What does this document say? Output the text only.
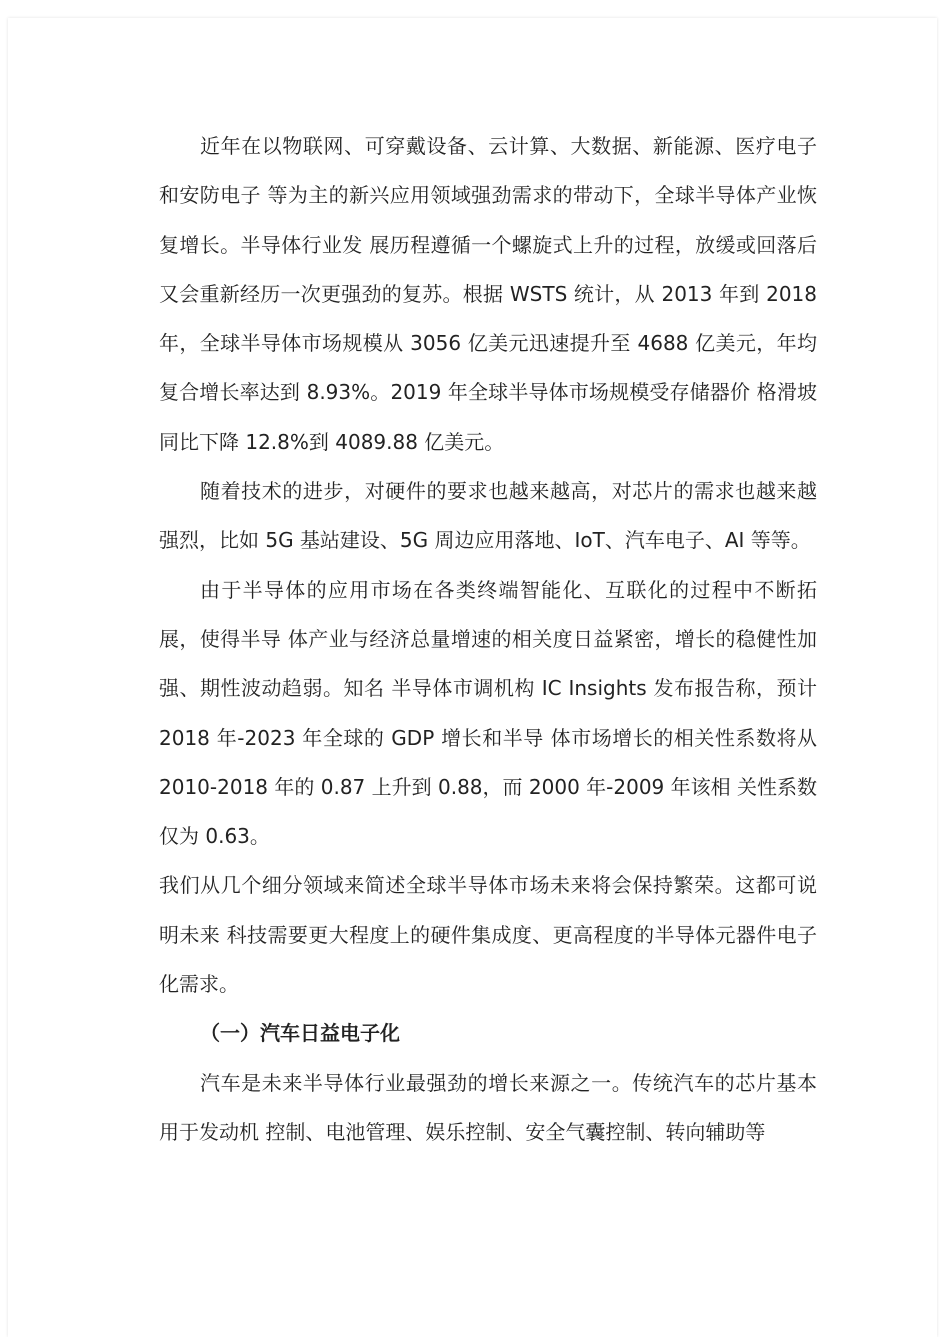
近年在以物联网、可穿戴设备、云计算、大数据、新能源、医疗电子和安防电子 等为主的新兴应用领域强劲需求的带动下，全球半导体产业恢复增长。半导体行业发 展历程遵循一个螺旋式上升的过程，放缓或回落后又会重新经历一次更强劲的复苏。根据 WSTS 统计，从 2013 年到 2018 年，全球半导体市场规模从 3056 亿美元迅速提升至 4688 亿美元，年均复合增长率达到 8.93%。2019 年全球半导体市场规模受存储器价 格滑坡同比下降 12.8%到 4089.88 亿美元。

随着技术的进步，对硬件的要求也越来越高，对芯片的需求也越来越强烈，比如 5G 基站建设、5G 周边应用落地、IoT、汽车电子、AI 等等。

由于半导体的应用市场在各类终端智能化、互联化的过程中不断拓展，使得半导 体产业与经济总量增速的相关度日益紧密，增长的稳健性加强、期性波动趋弱。知名 半导体市调机构 IC Insights 发布报告称，预计 2018 年-2023 年全球的 GDP 增长和半导 体市场增长的相关性系数将从 2010-2018 年的 0.87 上升到 0.88，而 2000 年-2009 年该相 关性系数仅为 0.63。

我们从几个细分领域来简述全球半导体市场未来将会保持繁荣。这都可说明未来 科技需要更大程度上的硬件集成度、更高程度的半导体元器件电子化需求。

（一）汽车日益电子化

汽车是未来半导体行业最强劲的增长来源之一。传统汽车的芯片基本用于发动机 控制、电池管理、娱乐控制、安全气囊控制、转向辅助等
